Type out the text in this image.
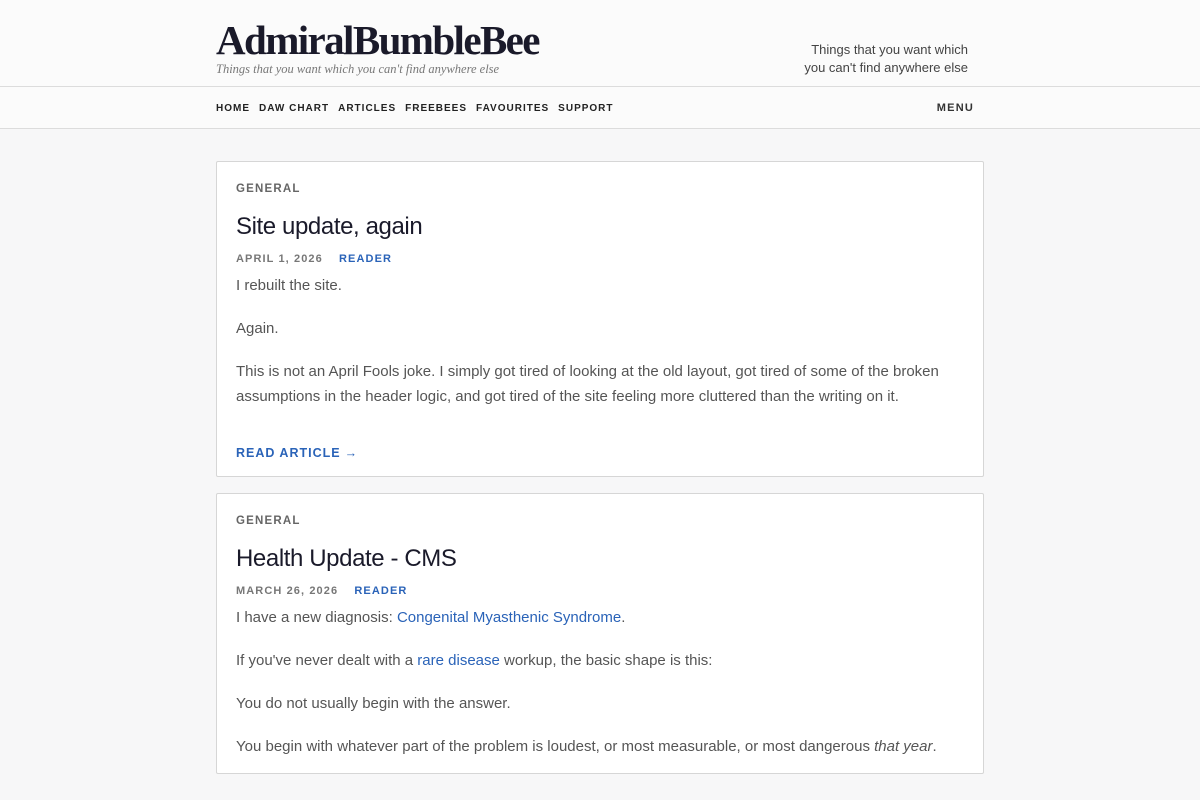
AdmiralBumbleBee
Things that you want which you can't find anywhere else
Things that you want which
you can't find anywhere else
HOME DAW CHART ARTICLES FREEBEES FAVOURITES SUPPORT	MENU
GENERAL
Site update, again
APRIL 1, 2026 READER

I rebuilt the site.

Again.

This is not an April Fools joke. I simply got tired of looking at the old layout, got tired of some of the broken assumptions in the header logic, and got tired of the site feeling more cluttered than the writing on it.

READ ARTICLE →
GENERAL
Health Update - CMS
MARCH 26, 2026 READER

I have a new diagnosis: Congenital Myasthenic Syndrome.

If you've never dealt with a rare disease workup, the basic shape is this:

You do not usually begin with the answer.

You begin with whatever part of the problem is loudest, or most measurable, or most dangerous that year.
